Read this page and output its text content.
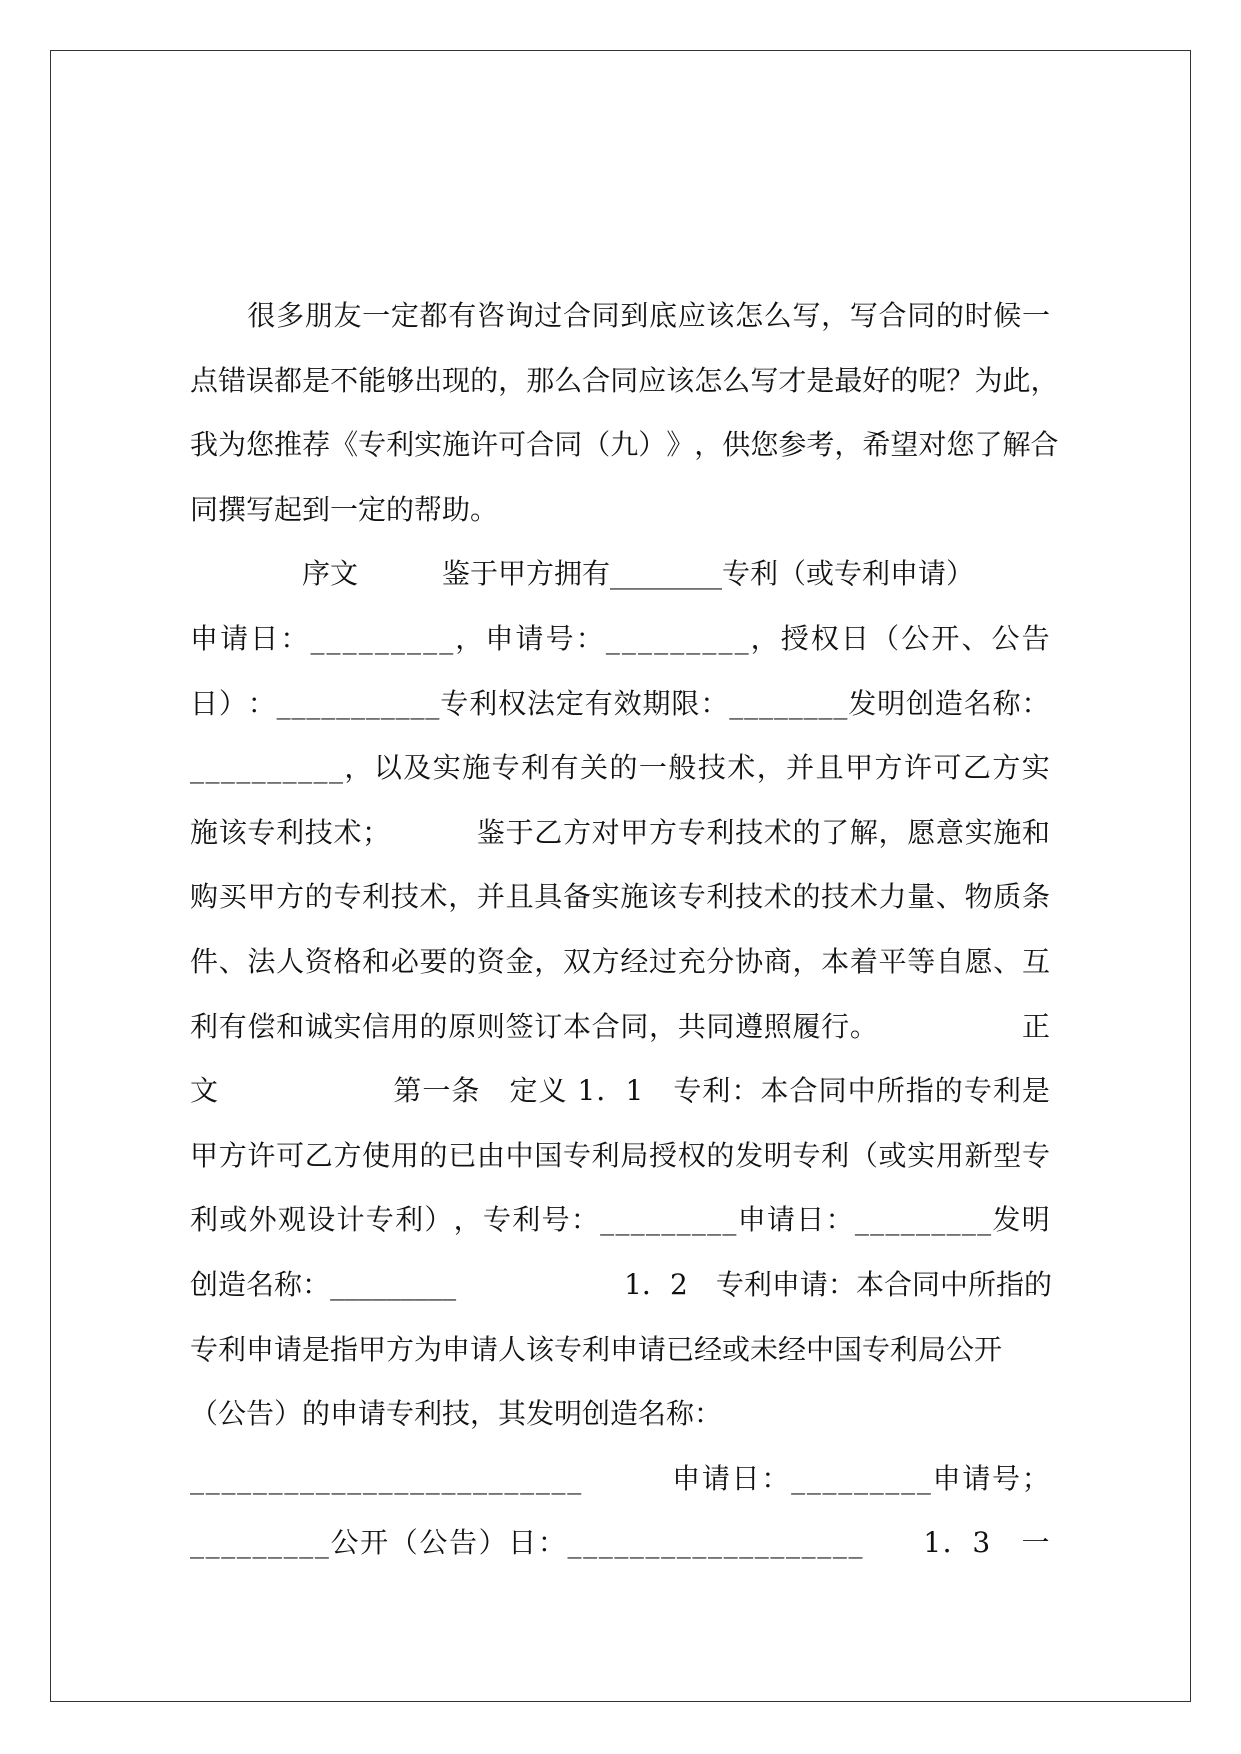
很 多 朋 友 一 定 都 有 咨 询 过 合 同 到 底 应 该 怎 么 写 ， 写 合 同 的 时 候 一
点 错 误 都 是 不 能 够 出 现 的 ， 那 么 合 同 应 该 怎 么 写 才 是 最 好 的 呢 ？ 为 此 ，
我 为 您 推 荐 《 专 利 实 施 许 可 合 同 （ 九 ） 》 ， 供 您 参 考 ， 希 望 对 您 了 解 合
同撰写起到一定的帮助。
　　　　序文　　　鉴于甲方拥有________专利（或专利申请）
申 请 日 ： _ _ _ _ _ _ _ _ _ ， 申 请 号 ： _ _ _ _ _ _ _ _ _ ， 授 权 日 （ 公 开 、 公 告
日 ） ： _ _ _ _ _ _ _ _ _ _ _ 专 利 权 法 定 有 效 期 限 ： _ _ _ _ _ _ _ _ 发 明 创 造 名 称 ：
_ _ _ _ _ _ _ _ _ _ ， 以 及 实 施 专 利 有 关 的 一 般 技 术 ， 并 且 甲 方 许 可 乙 方 实
施 该 专 利 技 术 ；

　	鉴 于 乙 方 对 甲 方 专 利 技 术 的 了 解 ， 愿 意 实 施 和
购 买 甲 方 的 专 利 技 术 ， 并 且 具 备 实 施 该 专 利 技 术 的 技 术 力 量 、 物 质 条
件 、 法 人 资 格 和 必 要 的 资 金 ， 双 方 经 过 充 分 协 商 ， 本 着 平 等 自 愿 、 互
利 有 偿 和 诚 实 信 用 的 原 则 签 订 本 合 同 ， 共 同 遵 照 履 行 。

　	正
文

　	第 一 条
　 定 义
1 ． 1
　 专 利 ： 本 合 同 中 所 指 的 专 利 是
甲 方 许 可 乙 方 使 用 的 已 由 中 国 专 利 局 授 权 的 发 明 专 利 （ 或 实 用 新 型 专
利 或 外 观 设 计 专 利 ） ， 专 利 号 ： _ _ _ _ _ _ _ _ _ 申 请 日 ： _ _ _ _ _ _ _ _ _ 发 明
创 造 名 称 ： _ _ _ _ _ _ _ _ _

　	1 ． 2
　 专 利 申 请 ： 本 合 同 中 所 指 的
专利申请是指甲方为申请人该专利申请已经或未经中国专利局公开
（公告）的申请专利技，其发明创造名称：
_ _ _ _ _ _ _ _ _ _ _ _ _ _ _ _ _ _ _ _ _ _ _ _ _

　	申 请 日 ： _ _ _ _ _ _ _ _ _ 申 请 号 ；
_ _ _ _ _ _ _ _ _ 公 开 （ 公 告 ） 日 ： _ _ _ _ _ _ _ _ _ _ _ _ _ _ _ _ _ _ _

　 1 ． 3
　 一
